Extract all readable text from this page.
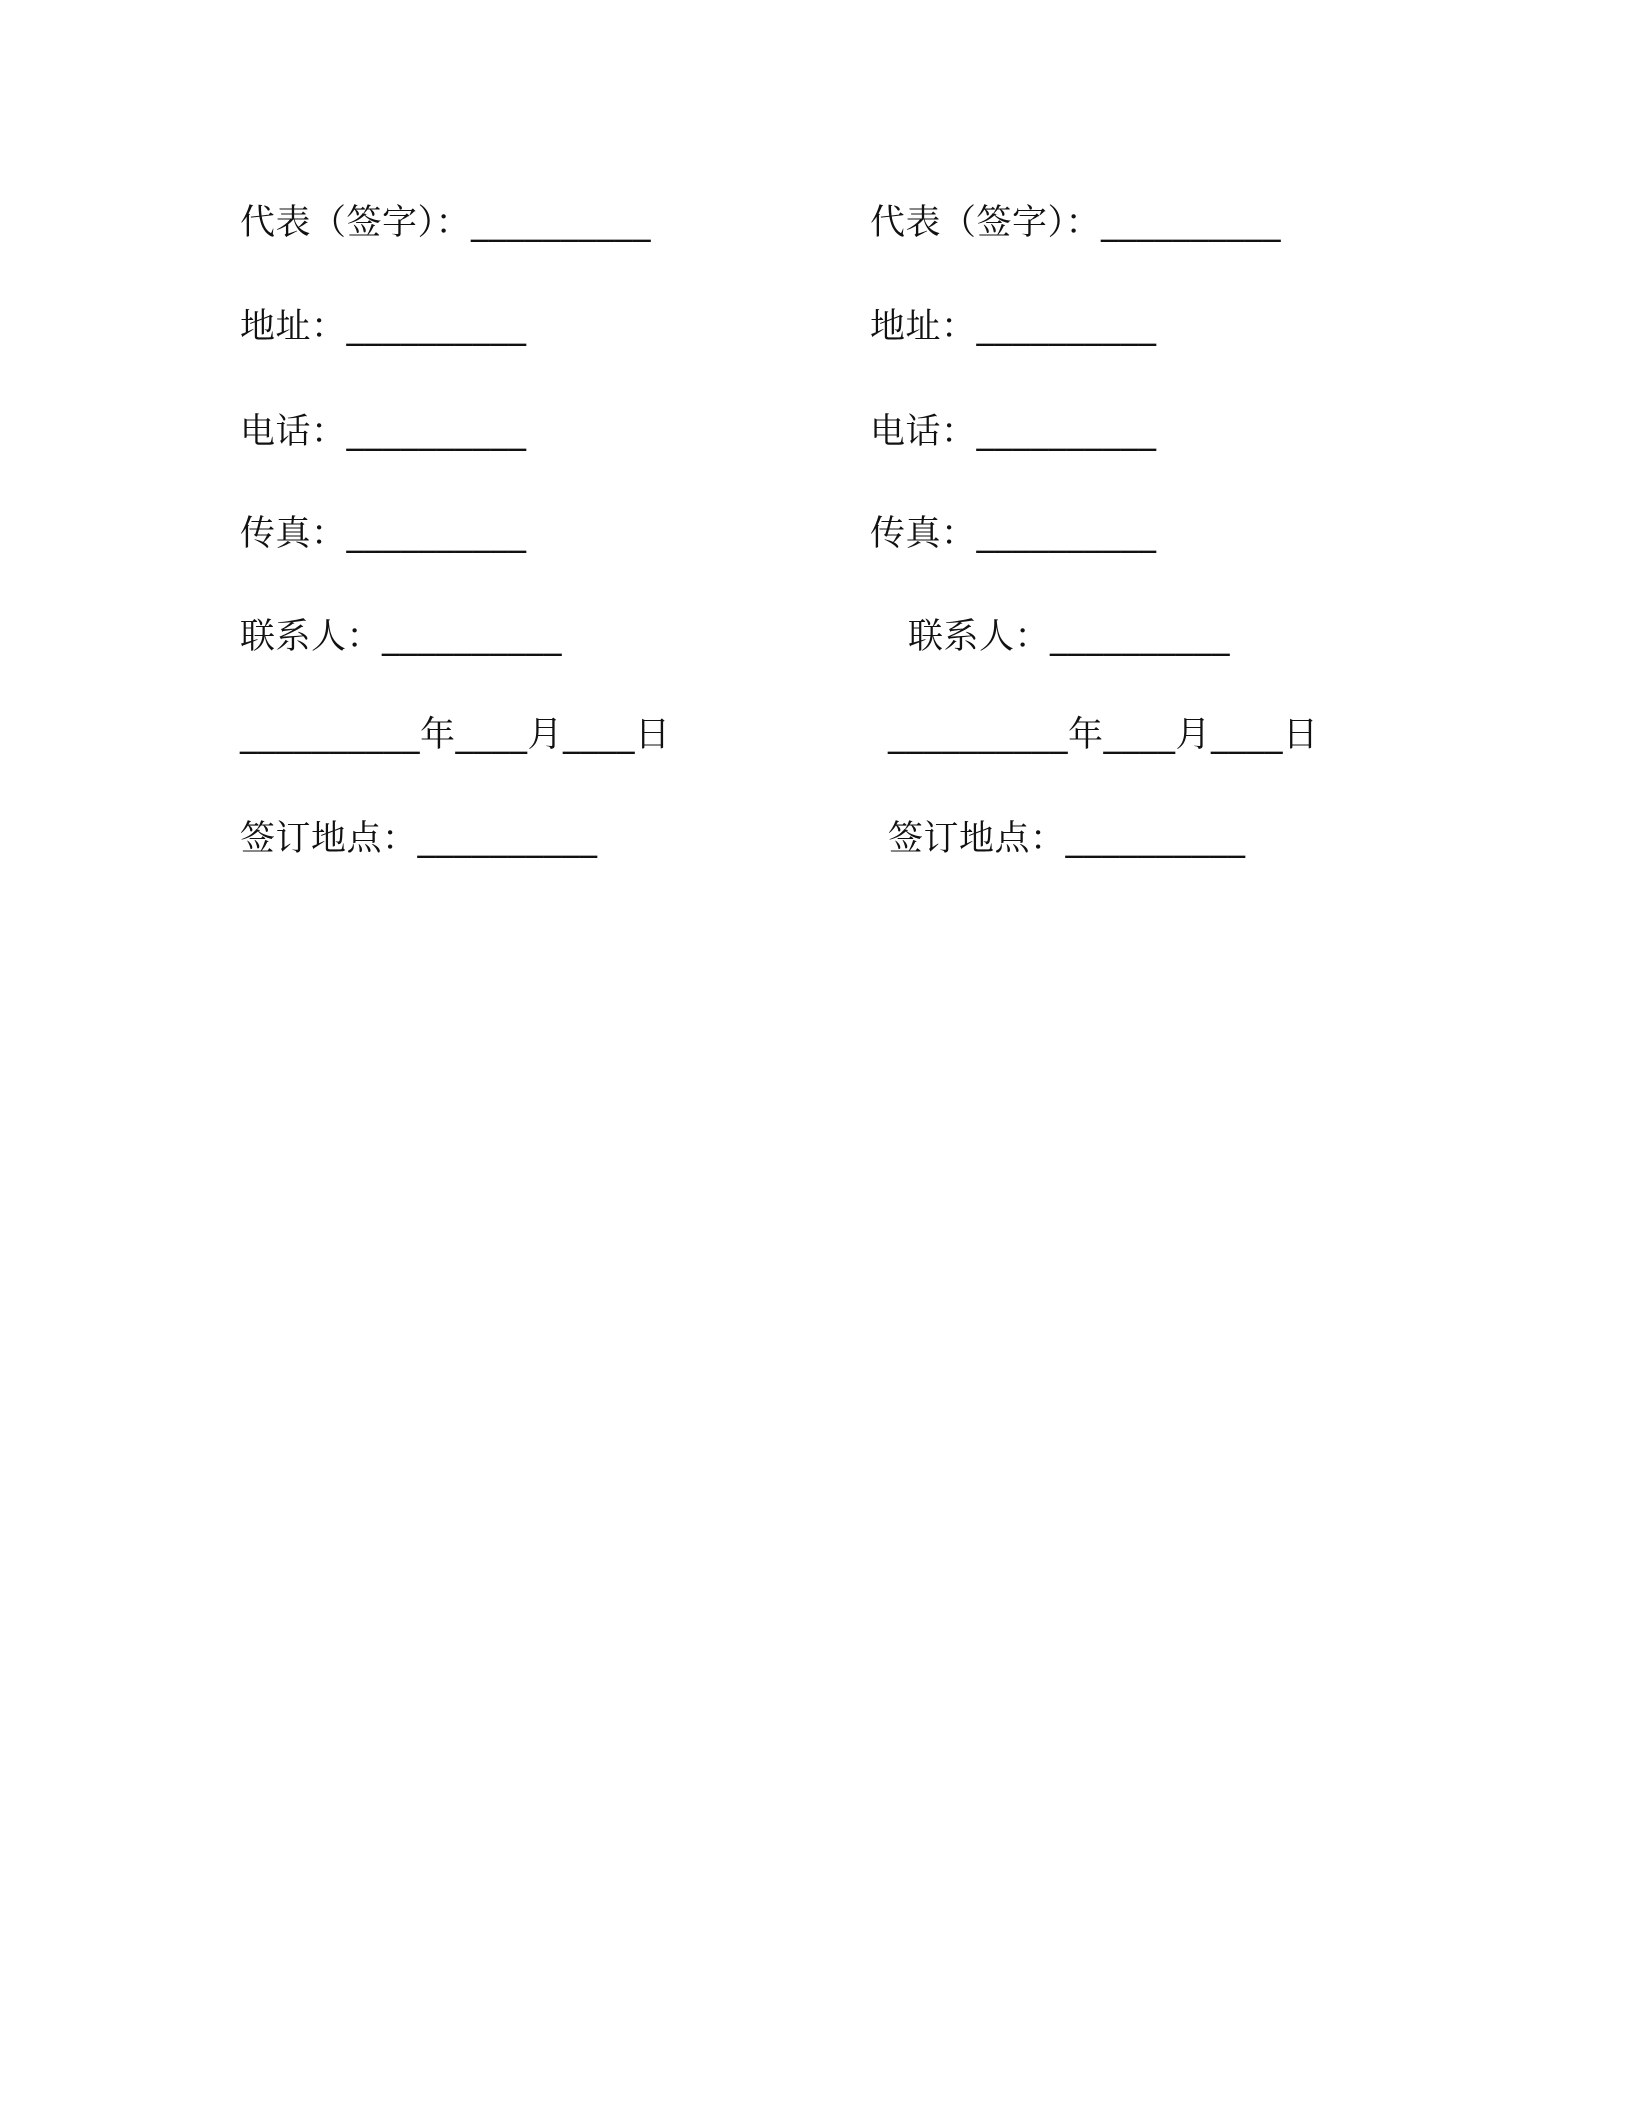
代表（签字）：__________
地址：__________
电话：__________
传真：__________
联系人：__________
__________年____月____日
签订地点：__________
代表（签字）：__________
地址：__________
电话：__________
传真：__________
联系人：__________
__________年____月____日
签订地点：__________
